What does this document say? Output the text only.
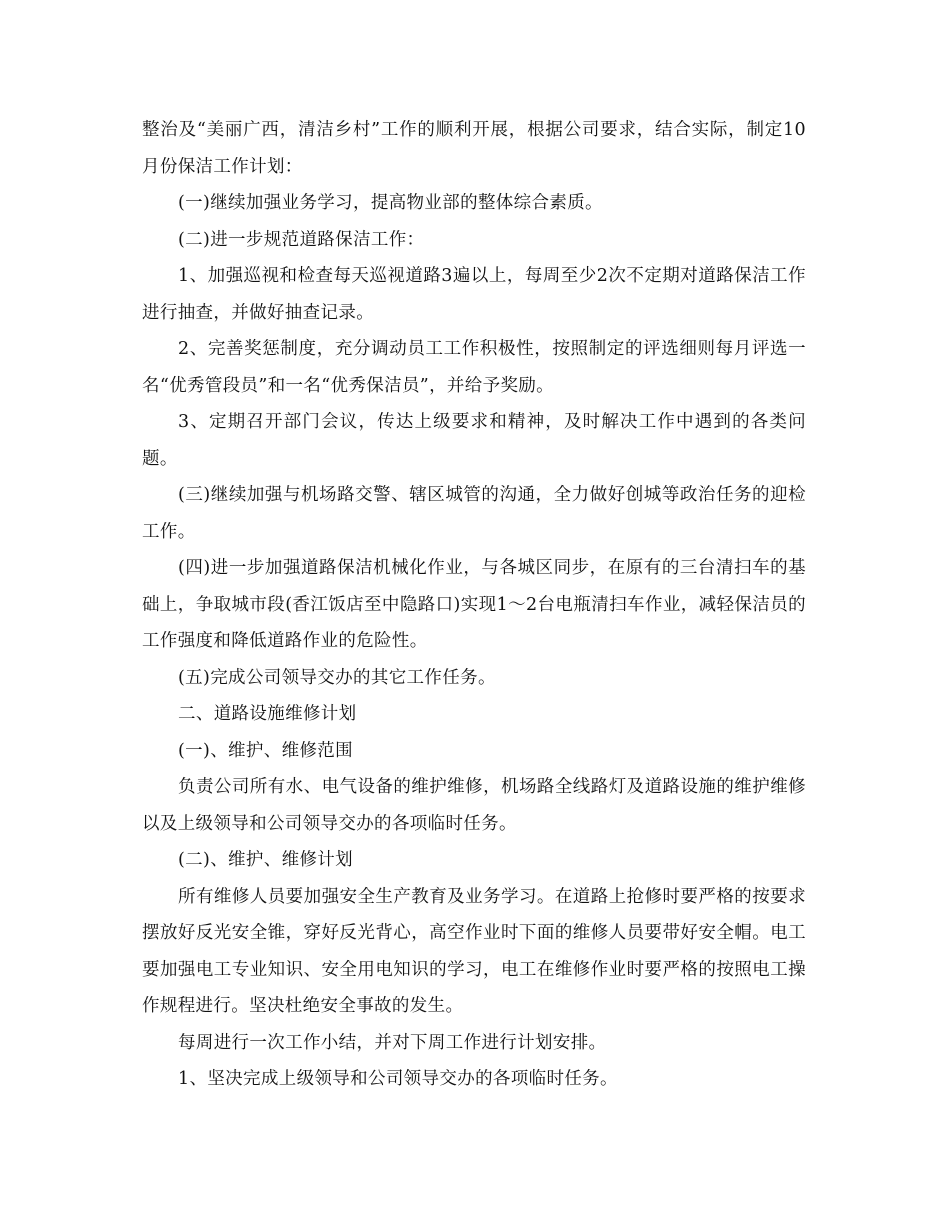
整治及“美丽广西，清洁乡村”工作的顺利开展，根据公司要求，结合实际，制定10月份保洁工作计划：

(一)继续加强业务学习，提高物业部的整体综合素质。

(二)进一步规范道路保洁工作：

1、加强巡视和检查每天巡视道路3遍以上，每周至少2次不定期对道路保洁工作进行抽查，并做好抽查记录。

2、完善奖惩制度，充分调动员工工作积极性，按照制定的评选细则每月评选一名“优秀管段员”和一名“优秀保洁员”，并给予奖励。

3、定期召开部门会议，传达上级要求和精神，及时解决工作中遇到的各类问题。

(三)继续加强与机场路交警、辖区城管的沟通，全力做好创城等政治任务的迎检工作。

(四)进一步加强道路保洁机械化作业，与各城区同步，在原有的三台清扫车的基础上，争取城市段(香江饭店至中隐路口)实现1～2台电瓶清扫车作业，减轻保洁员的工作强度和降低道路作业的危险性。

(五)完成公司领导交办的其它工作任务。

二、道路设施维修计划

(一)、维护、维修范围

负责公司所有水、电气设备的维护维修，机场路全线路灯及道路设施的维护维修以及上级领导和公司领导交办的各项临时任务。

(二)、维护、维修计划

所有维修人员要加强安全生产教育及业务学习。在道路上抢修时要严格的按要求摆放好反光安全锥，穿好反光背心，高空作业时下面的维修人员要带好安全帽。电工要加强电工专业知识、安全用电知识的学习，电工在维修作业时要严格的按照电工操作规程进行。坚决杜绝安全事故的发生。

每周进行一次工作小结，并对下周工作进行计划安排。

1、坚决完成上级领导和公司领导交办的各项临时任务。
